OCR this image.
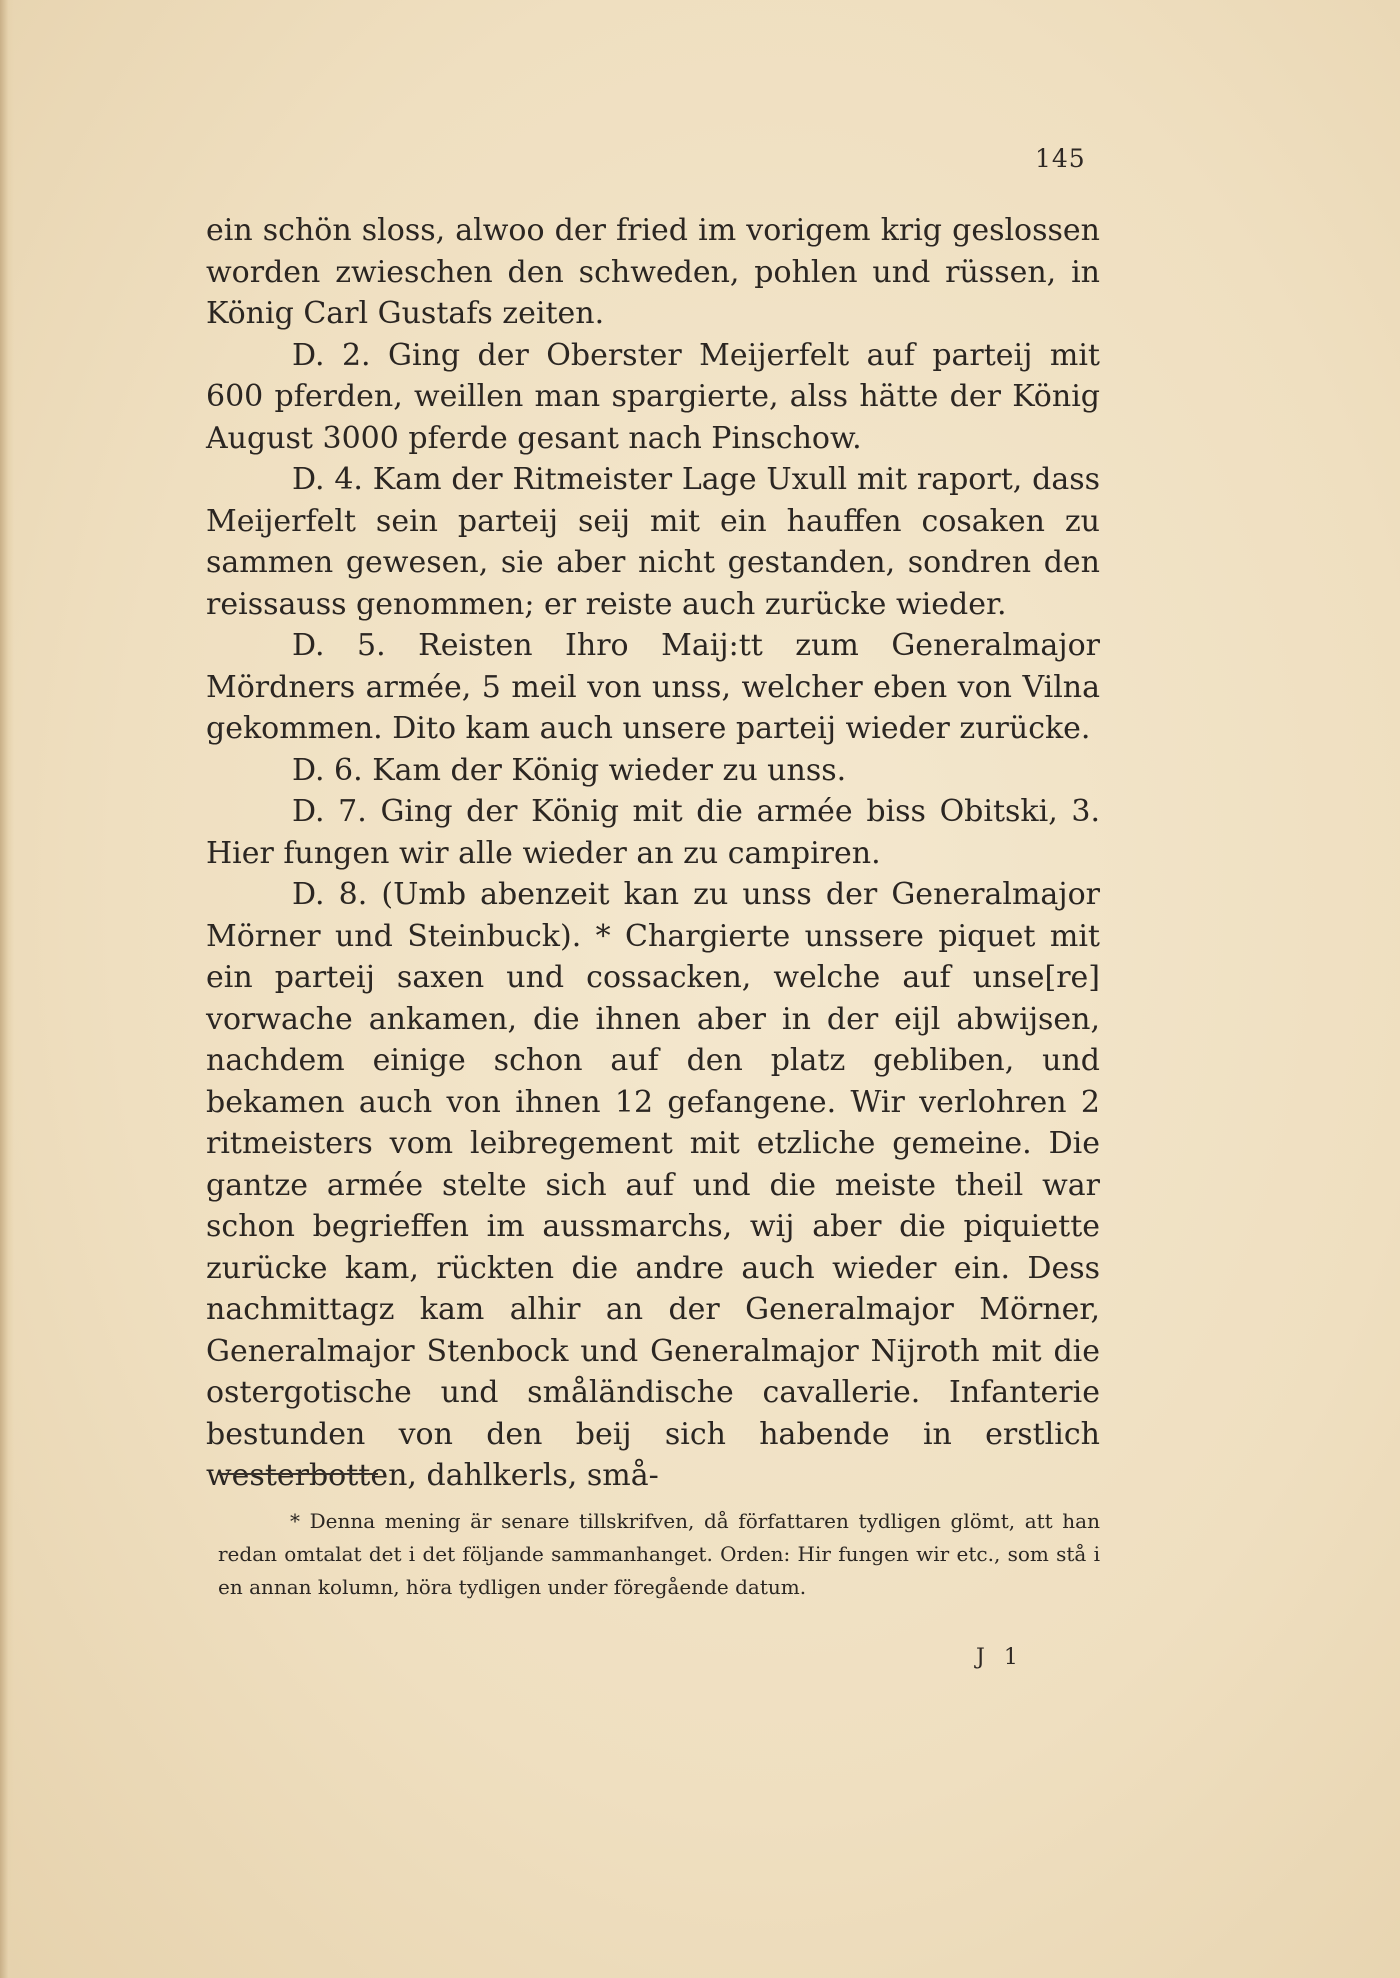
145

ein schön sloss, alwoo der fried im vorigem krig geslossen worden zwieschen den schweden, pohlen und rüssen, in König Carl Gustafs zeiten.

D. 2. Ging der Oberster Meijerfelt auf parteij mit 600 pferden, weillen man spargierte, alss hätte der König August 3000 pferde gesant nach Pinschow.

D. 4. Kam der Ritmeister Lage Uxull mit raport, dass Meijerfelt sein parteij seij mit ein hauffen cosaken zu sammen gewesen, sie aber nicht gestanden, sondren den reissauss genommen; er reiste auch zurücke wieder.

D. 5. Reisten Ihro Maij:tt zum Generalmajor Mördners armée, 5 meil von unss, welcher eben von Vilna gekommen. Dito kam auch unsere parteij wieder zurücke.

D. 6. Kam der König wieder zu unss.

D. 7. Ging der König mit die armée biss Obitski, 3. Hier fungen wir alle wieder an zu campiren.

D. 8. (Umb abenzeit kan zu unss der Generalmajor Mörner und Steinbuck). * Chargierte unssere piquet mit ein parteij saxen und cossacken, welche auf unse[re] vorwache ankamen, die ihnen aber in der eijl abwijsen, nachdem einige schon auf den platz gebliben, und bekamen auch von ihnen 12 gefangene. Wir verlohren 2 ritmeisters vom leibregement mit etzliche gemeine. Die gantze armée stelte sich auf und die meiste theil war schon begrieffen im aussmarchs, wij aber die piquiette zurücke kam, rückten die andre auch wieder ein. Dess nachmittagz kam alhir an der Generalmajor Mörner, Generalmajor Stenbock und Generalmajor Nijroth mit die ostergotische und småländische cavallerie. Infanterie bestunden von den beij sich habende in erstlich westerbotten, dahlkerls, små-

* Denna mening är senare tillskrifven, då författaren tydligen glömt, att han redan omtalat det i det följande sammanhanget. Orden: Hir fungen wir etc., som stå i en annan kolumn, höra tydligen under föregående datum.

J 1
